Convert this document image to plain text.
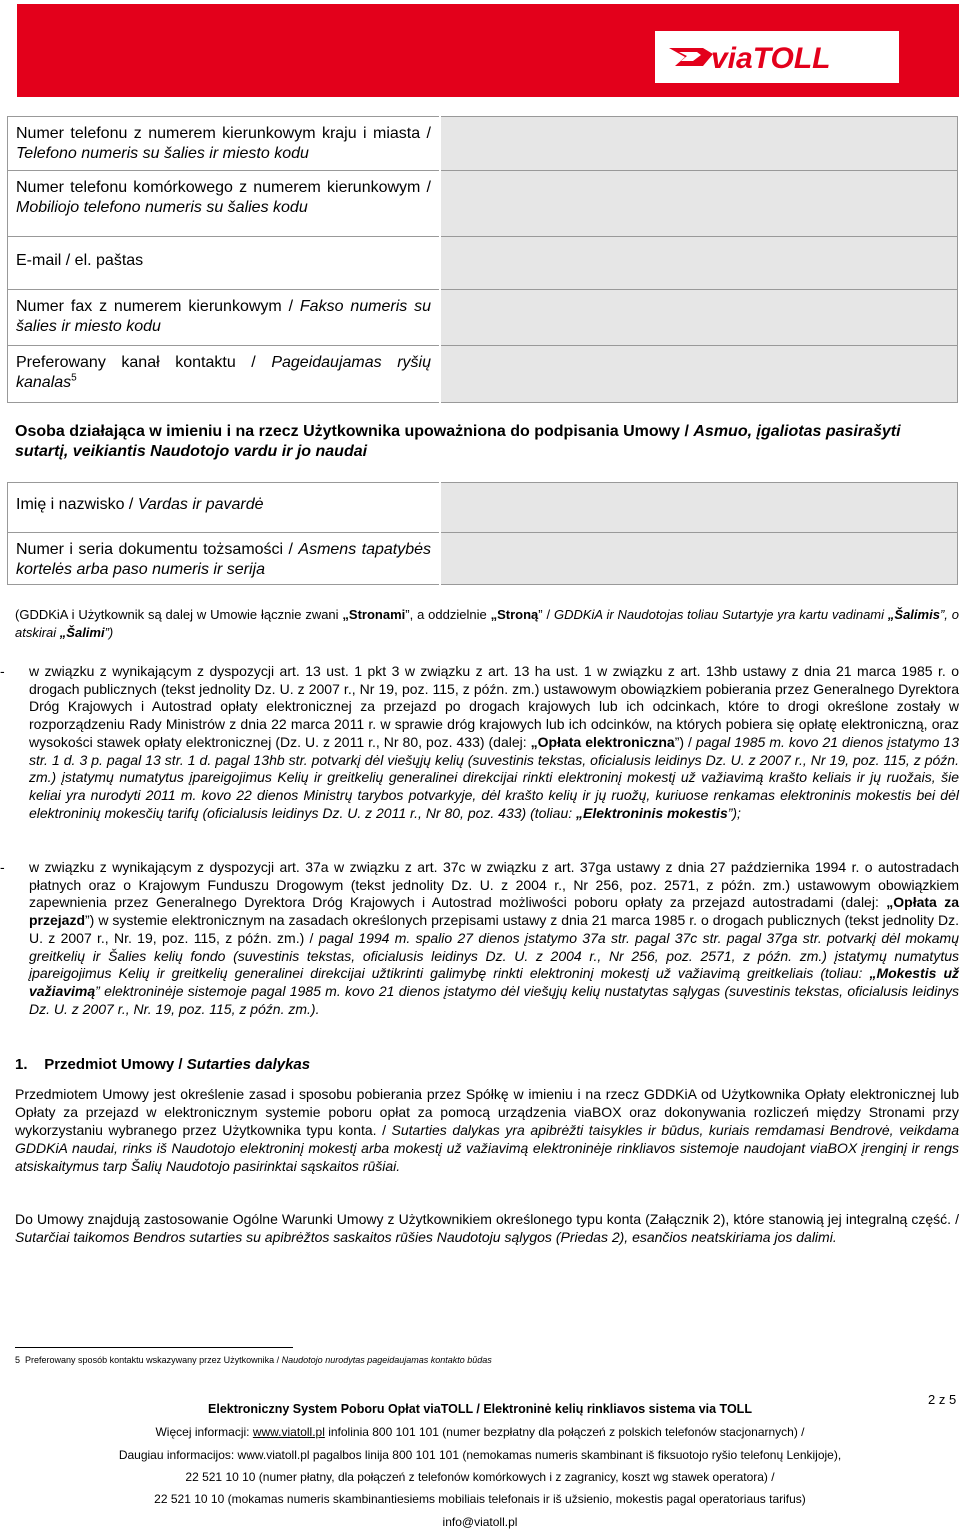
viaTOLL
Numer telefonu z numerem kierunkowym kraju i miasta / Telefono numeris su šalies ir miesto kodu	
Numer telefonu komórkowego z numerem kierunkowym / Mobiliojo telefono numeris su šalies kodu	
E-mail / el. paštas	
Numer fax z numerem kierunkowym / Fakso numeris su šalies ir miesto kodu	
Preferowany kanał kontaktu / Pageidaujamas ryšių kanalas$^5$	
Osoba działająca w imieniu i na rzecz Użytkownika upoważniona do podpisania Umowy / Asmuo, įgaliotas pasirašyti sutartį, veikiantis Naudotojo vardu ir jo naudai
Imię i nazwisko / Vardas ir pavardė	
Numer i seria dokumentu tożsamości / Asmens tapatybės kortelės arba paso numeris ir serija	
(GDDKiA i Użytkownik są dalej w Umowie łącznie zwani „Stronami”, a oddzielnie „Stroną” / GDDKiA ir Naudotojas toliau Sutartyje yra kartu vadinami „Šalimis”, o atskirai „Šalimi”)
- w związku z wynikającym z dyspozycji art. 13 ust. 1 pkt 3 w związku z art. 13 ha ust. 1 w związku z art. 13hb ustawy z dnia 21 marca 1985 r. o drogach publicznych (tekst jednolity Dz. U. z 2007 r., Nr 19, poz. 115, z późn. zm.) ustawowym obowiązkiem pobierania przez Generalnego Dyrektora Dróg Krajowych i Autostrad opłaty elektronicznej za przejazd po drogach krajowych lub ich odcinkach, które to drogi określone zostały w rozporządzeniu Rady Ministrów z dnia 22 marca 2011 r. w sprawie dróg krajowych lub ich odcinków, na których pobiera się opłatę elektroniczną, oraz wysokości stawek opłaty elektronicznej (Dz. U. z 2011 r., Nr 80, poz. 433) (dalej: „Opłata elektroniczna”) / pagal 1985 m. kovo 21 dienos įstatymo 13 str. 1 d. 3 p. pagal 13 str. 1 d. pagal 13hb str. potvarkį dėl viešųjų kelių (suvestinis tekstas, oficialusis leidinys Dz. U. z 2007 r., Nr 19, poz. 115, z późn. zm.) įstatymų numatytus įpareigojimus Kelių ir greitkelių generalinei direkcijai rinkti elektroninį mokestį už važiavimą krašto keliais ir jų ruožais, šie keliai yra nurodyti 2011 m. kovo 22 dienos Ministrų tarybos potvarkyje, dėl krašto kelių ir jų ruožų, kuriuose renkamas elektroninis mokestis bei dėl elektroninių mokesčių tarifų (oficialusis leidinys Dz. U. z 2011 r., Nr 80, poz. 433) (toliau: „Elektroninis mokestis”);
- w związku z wynikającym z dyspozycji art. 37a w związku z art. 37c w związku z art. 37ga ustawy z dnia 27 października 1994 r. o autostradach płatnych oraz o Krajowym Funduszu Drogowym (tekst jednolity Dz. U. z 2004 r., Nr 256, poz. 2571, z późn. zm.) ustawowym obowiązkiem zapewnienia przez Generalnego Dyrektora Dróg Krajowych i Autostrad możliwości poboru opłaty za przejazd autostradami (dalej: „Opłata za przejazd”) w systemie elektronicznym na zasadach określonych przepisami ustawy z dnia 21 marca 1985 r. o drogach publicznych (tekst jednolity Dz. U. z 2007 r., Nr. 19, poz. 115, z późn. zm.) / pagal 1994 m. spalio 27 dienos įstatymo 37a str. pagal 37c str. pagal 37ga str. potvarkį dėl mokamų greitkelių ir Šalies kelių fondo (suvestinis tekstas, oficialusis leidinys Dz. U. z 2004 r., Nr 256, poz. 2571, z późn. zm.) įstatymų numatytus įpareigojimus Kelių ir greitkelių generalinei direkcijai užtikrinti galimybę rinkti elektroninį mokestį už važiavimą greitkeliais (toliau: „Mokestis už važiavimą” elektroninėje sistemoje pagal 1985 m. kovo 21 dienos įstatymo dėl viešųjų kelių nustatytas sąlygas (suvestinis tekstas, oficialusis leidinys Dz. U. z 2007 r., Nr. 19, poz. 115, z późn. zm.).
1. Przedmiot Umowy / Sutarties dalykas
Przedmiotem Umowy jest określenie zasad i sposobu pobierania przez Spółkę w imieniu i na rzecz GDDKiA od Użytkownika Opłaty elektronicznej lub Opłaty za przejazd w elektronicznym systemie poboru opłat za pomocą urządzenia viaBOX oraz dokonywania rozliczeń między Stronami przy wykorzystaniu wybranego przez Użytkownika typu konta. / Sutarties dalykas yra apibrėžti taisykles ir būdus, kuriais remdamasi Bendrovė, veikdama GDDKiA naudai, rinks iš Naudotojo elektroninį mokestį arba mokestį už važiavimą elektroninėje rinkliavos sistemoje naudojant viaBOX įrenginį ir rengs atsiskaitymus tarp Šalių Naudotojo pasirinktai sąskaitos rūšiai.
Do Umowy znajdują zastosowanie Ogólne Warunki Umowy z Użytkownikiem określonego typu konta (Załącznik 2), które stanowią jej integralną część. / Sutarčiai taikomos Bendros sutarties su apibrėžtos saskaitos rūšies Naudotoju sąlygos (Priedas 2), esančios neatskiriama jos dalimi.
5 Preferowany sposób kontaktu wskazywany przez Użytkownika / Naudotojo nurodytas pageidaujamas kontakto būdas
2 z 5
Elektroniczny System Poboru Opłat viaTOLL / Elektroninė kelių rinkliavos sistema via TOLL
Więcej informacji: www.viatoll.pl infolinia 800 101 101 (numer bezpłatny dla połączeń z polskich telefonów stacjonarnych) /
Daugiau informacijos: www.viatoll.pl pagalbos linija 800 101 101 (nemokamas numeris skambinant iš fiksuotojo ryšio telefonų Lenkijoje),
22 521 10 10 (numer płatny, dla połączeń z telefonów komórkowych i z zagranicy, koszt wg stawek operatora) /
22 521 10 10 (mokamas numeris skambinantiesiems mobiliais telefonais ir iš užsienio, mokestis pagal operatoriaus tarifus)
info@viatoll.pl
